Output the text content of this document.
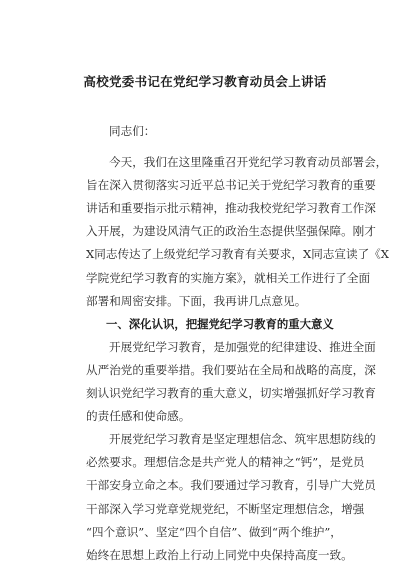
高校党委书记在党纪学习教育动员会上讲话
同志们：
今天，我们在这里隆重召开党纪学习教育动员部署会，
旨在深入贯彻落实习近平总书记关于党纪学习教育的重要
讲话和重要指示批示精神，推动我校党纪学习教育工作深
入开展，为建设风清气正的政治生态提供坚强保障。刚才
X同志传达了上级党纪学习教育有关要求，X同志宣读了《X
学院党纪学习教育的实施方案》，就相关工作进行了全面
部署和周密安排。下面，我再讲几点意见。
一、深化认识，把握党纪学习教育的重大意义
开展党纪学习教育，是加强党的纪律建设、推进全面
从严治党的重要举措。我们要站在全局和战略的高度，深
刻认识党纪学习教育的重大意义，切实增强抓好学习教育
的责任感和使命感。
开展党纪学习教育是坚定理想信念、筑牢思想防线的
必然要求。理想信念是共产党人的精神之“钙”，是党员
干部安身立命之本。我们要通过学习教育，引导广大党员
干部深入学习党章党规党纪，不断坚定理想信念，增强
“四个意识”、坚定“四个自信”、做到“两个维护”，
始终在思想上政治上行动上同党中央保持高度一致。
